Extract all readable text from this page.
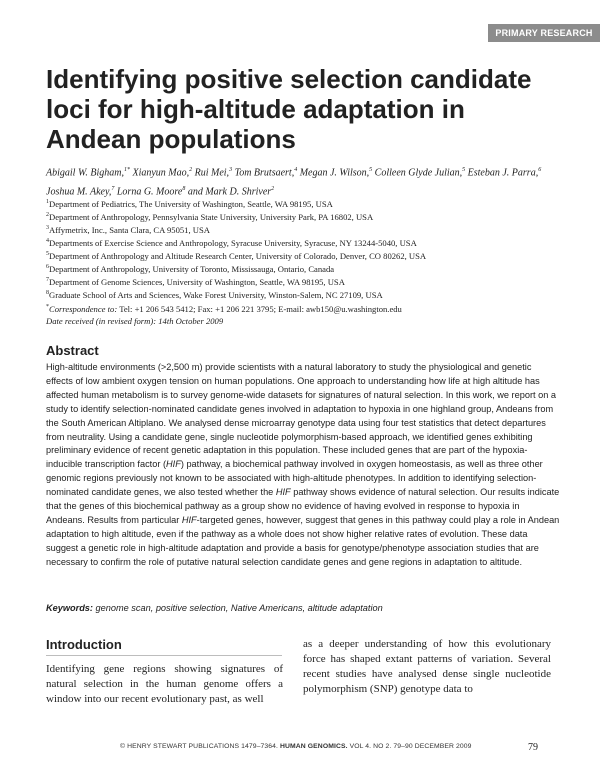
PRIMARY RESEARCH
Identifying positive selection candidate
loci for high-altitude adaptation in
Andean populations
Abigail W. Bigham,$^{1*}$ Xianyun Mao,$^2$ Rui Mei,$^3$ Tom Brutsaert,$^4$ Megan J. Wilson,$^5$ Colleen Glyde Julian,$^5$ Esteban J. Parra,$^6$ Joshua M. Akey,$^7$ Lorna G. Moore$^8$ and Mark D. Shriver$^2$
$^1$Department of Pediatrics, The University of Washington, Seattle, WA 98195, USA
$^2$Department of Anthropology, Pennsylvania State University, University Park, PA 16802, USA
$^3$Affymetrix, Inc., Santa Clara, CA 95051, USA
$^4$Departments of Exercise Science and Anthropology, Syracuse University, Syracuse, NY 13244-5040, USA
$^5$Department of Anthropology and Altitude Research Center, University of Colorado, Denver, CO 80262, USA
$^6$Department of Anthropology, University of Toronto, Mississauga, Ontario, Canada
$^7$Department of Genome Sciences, University of Washington, Seattle, WA 98195, USA
$^8$Graduate School of Arts and Sciences, Wake Forest University, Winston-Salem, NC 27109, USA
*Correspondence to: Tel: +1 206 543 5412; Fax: +1 206 221 3795; E-mail: awb150@u.washington.edu
Date received (in revised form): 14th October 2009
Abstract
High-altitude environments (>2,500 m) provide scientists with a natural laboratory to study the physiological and genetic effects of low ambient oxygen tension on human populations. One approach to understanding how life at high altitude has affected human metabolism is to survey genome-wide datasets for signatures of natural selection. In this work, we report on a study to identify selection-nominated candidate genes involved in adaptation to hypoxia in one highland group, Andeans from the South American Altiplano. We analysed dense microarray genotype data using four test statistics that detect departures from neutrality. Using a candidate gene, single nucleotide polymorphism-based approach, we identified genes exhibiting preliminary evidence of recent genetic adaptation in this population. These included genes that are part of the hypoxia-inducible transcription factor (HIF) pathway, a biochemical pathway involved in oxygen homeostasis, as well as three other genomic regions previously not known to be associated with high-altitude phenotypes. In addition to identifying selection-nominated candidate genes, we also tested whether the HIF pathway shows evidence of natural selection. Our results indicate that the genes of this biochemical pathway as a group show no evidence of having evolved in response to hypoxia in Andeans. Results from particular HIF-targeted genes, however, suggest that genes in this pathway could play a role in Andean adaptation to high altitude, even if the pathway as a whole does not show higher relative rates of evolution. These data suggest a genetic role in high-altitude adaptation and provide a basis for genotype/phenotype association studies that are necessary to confirm the role of putative natural selection candidate genes and gene regions in adaptation to altitude.
Keywords: genome scan, positive selection, Native Americans, altitude adaptation
Introduction
Identifying gene regions showing signatures of natural selection in the human genome offers a window into our recent evolutionary past, as well
as a deeper understanding of how this evolutionary force has shaped extant patterns of variation. Several recent studies have analysed dense single nucleotide polymorphism (SNP) genotype data to
© HENRY STEWART PUBLICATIONS 1479–7364. HUMAN GENOMICS. VOL 4. NO 2. 79–90 DECEMBER 2009	79
